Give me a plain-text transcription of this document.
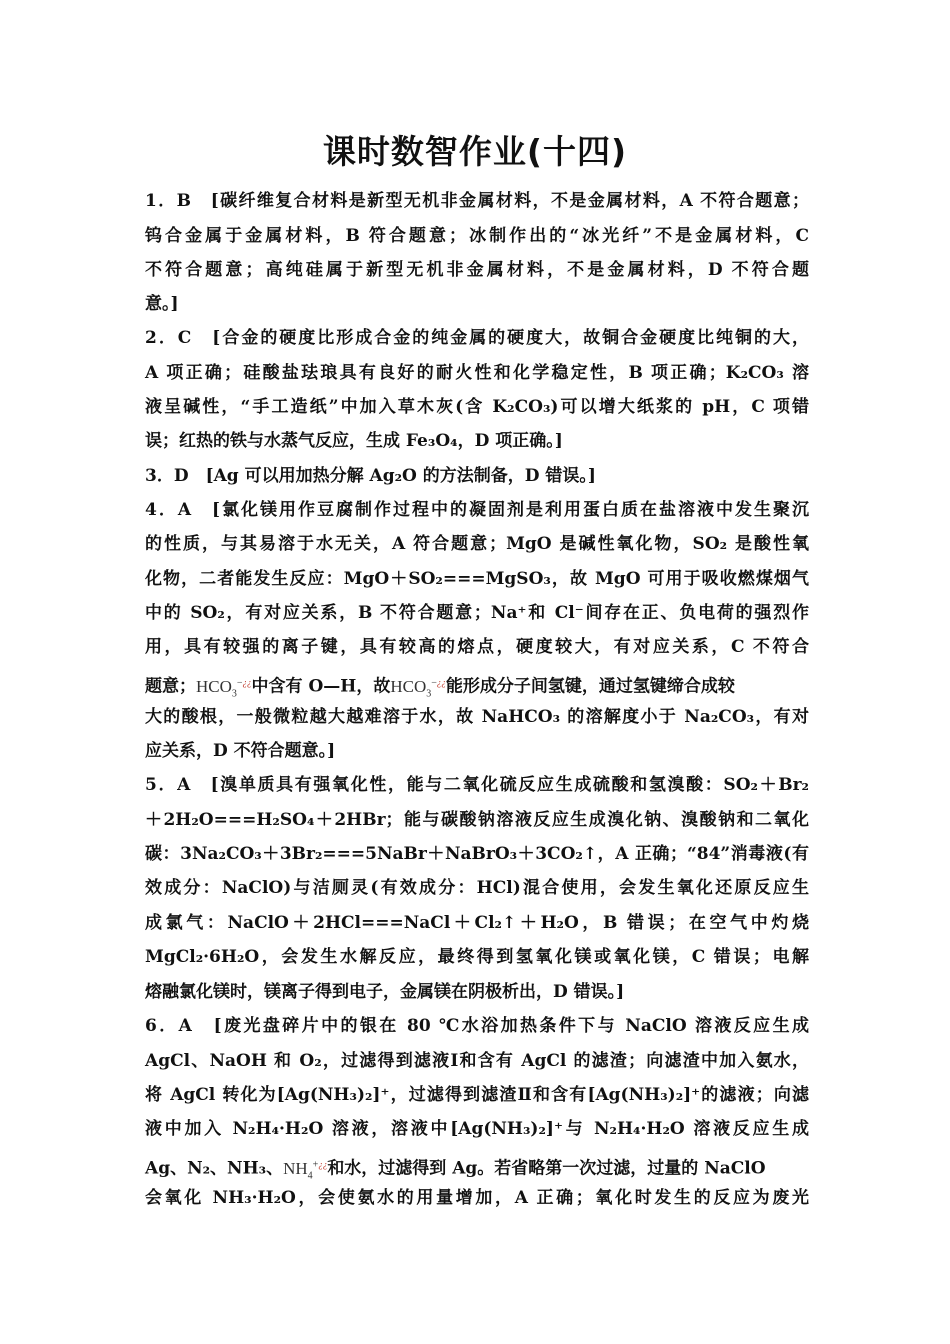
课时数智作业(十四)
1．B　[碳纤维复合材料是新型无机非金属材料，不是金属材料，A 不符合题意；
钨合金属于金属材料，B 符合题意；冰制作出的“冰光纤”不是金属材料，C
不符合题意；高纯硅属于新型无机非金属材料，不是金属材料，D 不符合题
意。]
2．C　[合金的硬度比形成合金的纯金属的硬度大，故铜合金硬度比纯铜的大，
A 项正确；硅酸盐珐琅具有良好的耐火性和化学稳定性，B 项正确；K₂CO₃ 溶
液呈碱性，“手工造纸”中加入草木灰(含 K₂CO₃)可以增大纸浆的 pH，C 项错
误；红热的铁与水蒸气反应，生成 Fe₃O₄，D 项正确。]
3．D　[Ag 可以用加热分解 Ag₂O 的方法制备，D 错误。]
4．A　[氯化镁用作豆腐制作过程中的凝固剂是利用蛋白质在盐溶液中发生聚沉
的性质，与其易溶于水无关，A 符合题意；MgO 是碱性氧化物，SO₂ 是酸性氧
化物，二者能发生反应：MgO＋SO₂===MgSO₃，故 MgO 可用于吸收燃煤烟气
中的 SO₂，有对应关系，B 不符合题意；Na⁺和 Cl⁻间存在正、负电荷的强烈作
用，具有较强的离子键，具有较高的熔点，硬度较大，有对应关系，C 不符合
题意；$HCO_3^{-¿¿}$中含有 O—H，故$HCO_3^{-¿¿}$能形成分子间氢键，通过氢键缔合成较
大的酸根，一般微粒越大越难溶于水，故 NaHCO₃ 的溶解度小于 Na₂CO₃，有对
应关系，D 不符合题意。]
5．A　[溴单质具有强氧化性，能与二氧化硫反应生成硫酸和氢溴酸：SO₂＋Br₂
＋2H₂O===H₂SO₄＋2HBr；能与碳酸钠溶液反应生成溴化钠、溴酸钠和二氧化
碳：3Na₂CO₃＋3Br₂===5NaBr＋NaBrO₃＋3CO₂↑，A 正确；“84”消毒液(有
效成分：NaClO)与洁厕灵(有效成分：HCl)混合使用，会发生氧化还原反应生
成氯气：NaClO＋2HCl===NaCl＋Cl₂↑＋H₂O，B 错误；在空气中灼烧
MgCl₂·6H₂O，会发生水解反应，最终得到氢氧化镁或氧化镁，C 错误；电解
熔融氯化镁时，镁离子得到电子，金属镁在阴极析出，D 错误。]
6．A　[废光盘碎片中的银在 80 ℃水浴加热条件下与 NaClO 溶液反应生成
AgCl、NaOH 和 O₂，过滤得到滤液Ⅰ和含有 AgCl 的滤渣；向滤渣中加入氨水，
将 AgCl 转化为[Ag(NH₃)₂]⁺，过滤得到滤渣Ⅱ和含有[Ag(NH₃)₂]⁺的滤液；向滤
液中加入 N₂H₄·H₂O 溶液，溶液中[Ag(NH₃)₂]⁺与 N₂H₄·H₂O 溶液反应生成
Ag、N₂、NH₃、$NH_4^{+¿¿}$和水，过滤得到 Ag。若省略第一次过滤，过量的 NaClO
会氧化 NH₃·H₂O，会使氨水的用量增加，A 正确；氧化时发生的反应为废光
